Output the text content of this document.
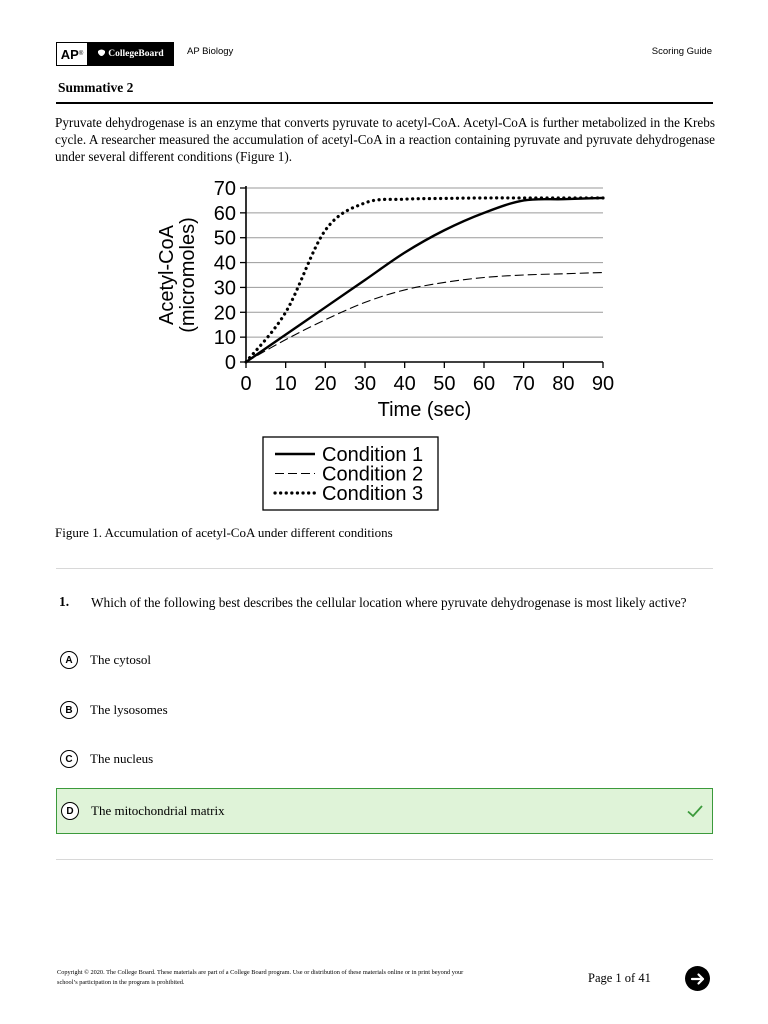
AP ®	CollegeBoard AP Biology	Scoring Guide
Summative 2
Pyruvate dehydrogenase is an enzyme that converts pyruvate to acetyl-CoA. Acetyl-CoA is further metabolized in the Krebs cycle. A researcher measured the accumulation of acetyl-CoA in a reaction containing pyruvate and pyruvate dehydrogenase under several different conditions (Figure 1).
0
10
20
30
40
50
60
70
0 10 20 30 40 50 60 70 80 90
Time (sec)
Acetyl-CoA (micromoles)
Condition 1
Condition 2
Condition 3
Figure 1. Accumulation of acetyl-CoA under different conditions
1. Which of the following best describes the cellular location where pyruvate dehydrogenase is most likely active?
A	The cytosol
B	The lysosomes
C	The nucleus
D	The mitochondrial matrix
Copyright © 2020. The College Board. These materials are part of a College Board program. Use or distribution of these materials online or in print beyond your school’s participation in the program is prohibited.	Page 1 of 41
